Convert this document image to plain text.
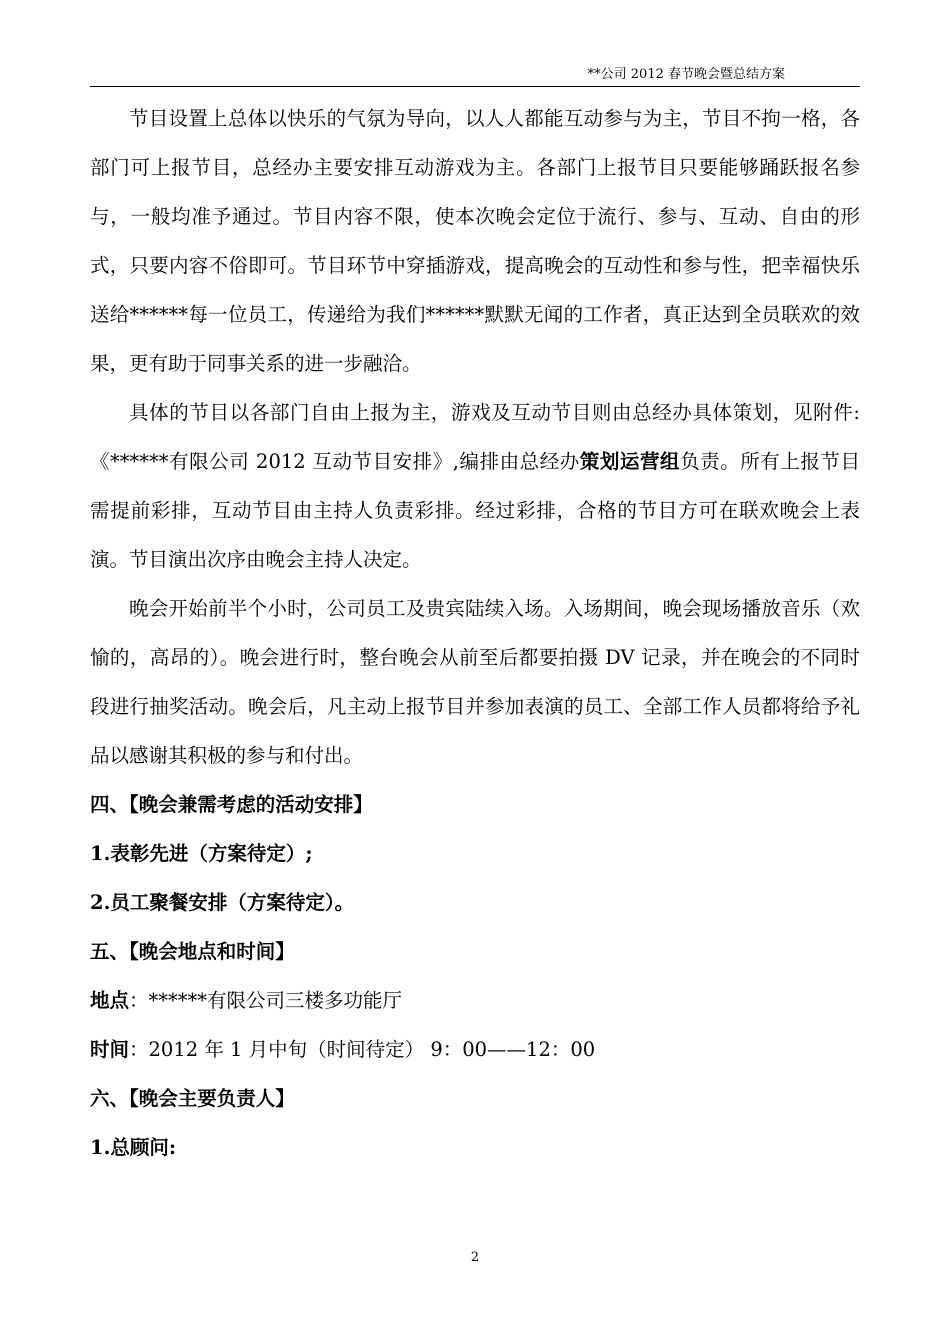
**公司 2012 春节晚会暨总结方案

节目设置上总体以快乐的气氛为导向，以人人都能互动参与为主，节目不拘一格，各部门可上报节目，总经办主要安排互动游戏为主。各部门上报节目只要能够踊跃报名参与，一般均准予通过。节目内容不限，使本次晚会定位于流行、参与、互动、自由的形式，只要内容不俗即可。节目环节中穿插游戏，提高晚会的互动性和参与性，把幸福快乐送给******每一位员工，传递给为我们******默默无闻的工作者，真正达到全员联欢的效果，更有助于同事关系的进一步融洽。

具体的节目以各部门自由上报为主，游戏及互动节目则由总经办具体策划，见附件:《******有限公司 2012 互动节目安排》,编排由总经办策划运营组负责。所有上报节目需提前彩排，互动节目由主持人负责彩排。经过彩排，合格的节目方可在联欢晚会上表演。节目演出次序由晚会主持人决定。

晚会开始前半个小时，公司员工及贵宾陆续入场。入场期间，晚会现场播放音乐（欢愉的，高昂的）。晚会进行时，整台晚会从前至后都要拍摄 DV 记录，并在晚会的不同时段进行抽奖活动。晚会后，凡主动上报节目并参加表演的员工、全部工作人员都将给予礼品以感谢其积极的参与和付出。

四、【晚会兼需考虑的活动安排】

1.表彰先进（方案待定）;

2.员工聚餐安排（方案待定）。

五、【晚会地点和时间】

地点：******有限公司三楼多功能厅

时间：2012 年 1 月中旬（时间待定） 9：00——12：00

六、【晚会主要负责人】

1.总顾问:

2
